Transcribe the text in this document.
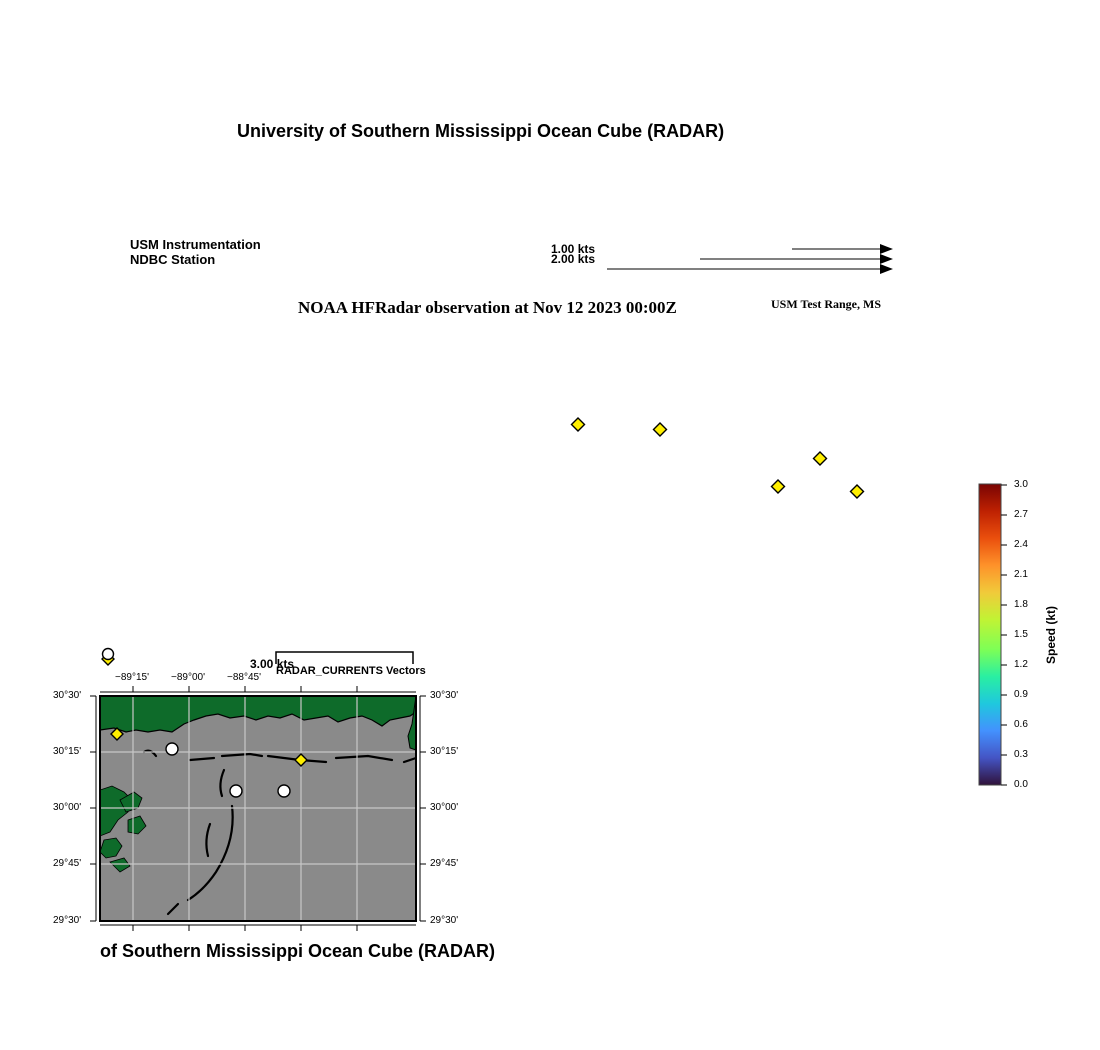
University of Southern Mississippi Ocean Cube (RADAR)
USM Instrumentation
NDBC Station
1.00 kts
2.00 kts
NOAA HFRadar observation at Nov 12 2023 00:00Z	USM Test Range, MS
3.0
2.7
2.4
2.1
1.8
1.5
1.2
0.9
0.6
0.3
0.0
Speed (kt)
3.00 kts
RADAR_CURRENTS Vectors
−89°15' −89°00' −88°45'
30°30'
30°15'
30°00'
29°45'
29°30'
30°30'
30°15'
30°00'
29°45'
29°30'
of Southern Mississippi Ocean Cube (RADAR)
